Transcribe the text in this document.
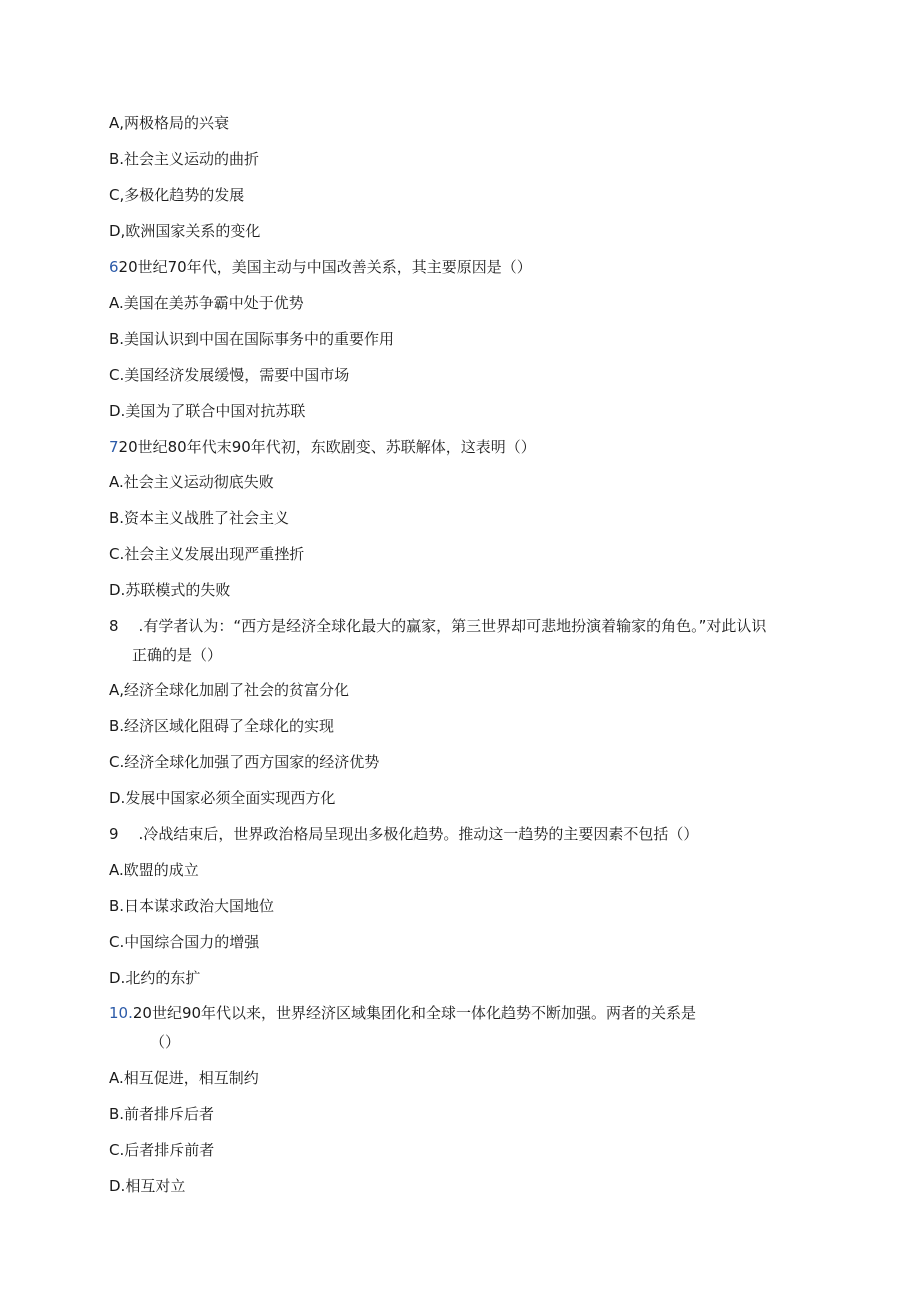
A,两极格局的兴衰
B.社会主义运动的曲折
C,多极化趋势的发展
D,欧洲国家关系的变化
620世纪70年代，美国主动与中国改善关系，其主要原因是（）
A.美国在美苏争霸中处于优势
B.美国认识到中国在国际事务中的重要作用
C.美国经济发展缓慢，需要中国市场
D.美国为了联合中国对抗苏联
720世纪80年代末90年代初，东欧剧变、苏联解体，这表明（）
A.社会主义运动彻底失败
B.资本主义战胜了社会主义
C.社会主义发展出现严重挫折
D.苏联模式的失败
8 .有学者认为：“西方是经济全球化最大的赢家，第三世界却可悲地扮演着输家的角色。”对此认识
正确的是（）
A,经济全球化加剧了社会的贫富分化
B.经济区域化阻碍了全球化的实现
C.经济全球化加强了西方国家的经济优势
D.发展中国家必须全面实现西方化
9 .冷战结束后，世界政治格局呈现出多极化趋势。推动这一趋势的主要因素不包括（）
A.欧盟的成立
B.日本谋求政治大国地位
C.中国综合国力的增强
D.北约的东扩
10.20世纪90年代以来，世界经济区域集团化和全球一体化趋势不断加强。两者的关系是
（）
A.相互促进，相互制约
B.前者排斥后者
C.后者排斥前者
D.相互对立
